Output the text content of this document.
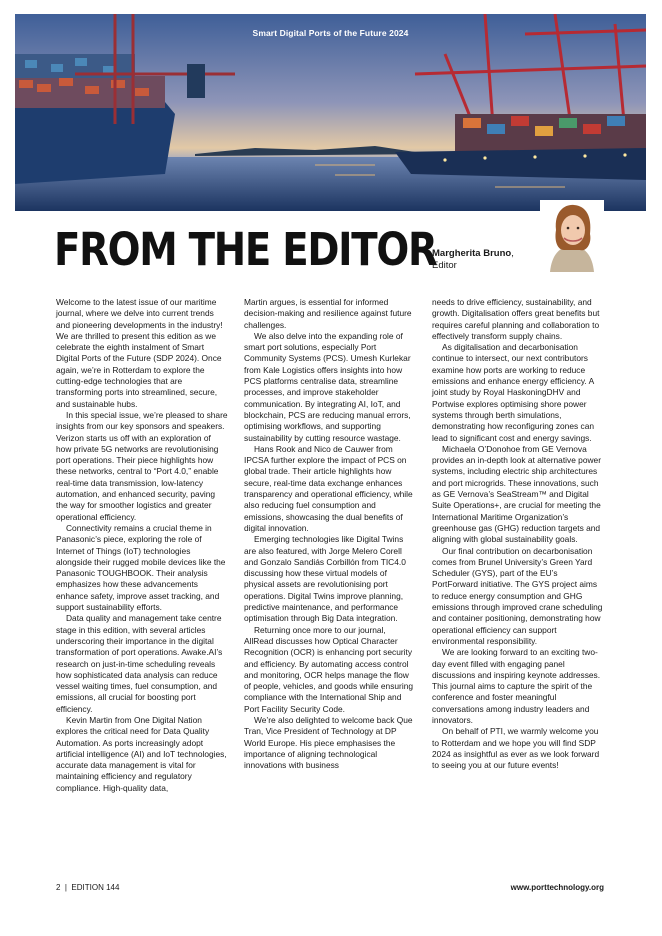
Smart Digital Ports of the Future 2024
FROM THE EDITOR
Margherita Bruno,
Editor

Welcome to the latest issue of our maritime journal, where we delve into current trends and pioneering developments in the industry! We are thrilled to present this edition as we celebrate the eighth instalment of Smart Digital Ports of the Future (SDP 2024). Once again, we’re in Rotterdam to explore the cutting-edge technologies that are transforming ports into streamlined, secure, and sustainable hubs.

In this special issue, we’re pleased to share insights from our key sponsors and speakers. Verizon starts us off with an exploration of how private 5G networks are revolutionising port operations. Their piece highlights how these networks, central to “Port 4.0,” enable real-time data transmission, low-latency automation, and enhanced security, paving the way for smoother logistics and greater operational efficiency.

Connectivity remains a crucial theme in Panasonic’s piece, exploring the role of Internet of Things (IoT) technologies alongside their rugged mobile devices like the Panasonic TOUGHBOOK. Their analysis emphasizes how these advancements enhance safety, improve asset tracking, and support sustainability efforts.

Data quality and management take centre stage in this edition, with several articles underscoring their importance in the digital transformation of port operations. Awake.AI’s research on just-in-time scheduling reveals how sophisticated data analysis can reduce vessel waiting times, fuel consumption, and emissions, all crucial for boosting port efficiency.

Kevin Martin from One Digital Nation explores the critical need for Data Quality Automation. As ports increasingly adopt artificial intelligence (AI) and IoT technologies, accurate data management is vital for maintaining efficiency and regulatory compliance. High-quality data,

Martin argues, is essential for informed decision-making and resilience against future challenges.

We also delve into the expanding role of smart port solutions, especially Port Community Systems (PCS). Umesh Kurlekar from Kale Logistics offers insights into how PCS platforms centralise data, streamline processes, and improve stakeholder communication. By integrating AI, IoT, and blockchain, PCS are reducing manual errors, optimising workflows, and supporting sustainability by cutting resource wastage.

Hans Rook and Nico de Cauwer from IPCSA further explore the impact of PCS on global trade. Their article highlights how secure, real-time data exchange enhances transparency and operational efficiency, while also reducing fuel consumption and emissions, showcasing the dual benefits of digital innovation.

Emerging technologies like Digital Twins are also featured, with Jorge Melero Corell and Gonzalo Sandiás Corbillón from TIC4.0 discussing how these virtual models of physical assets are revolutionising port operations. Digital Twins improve planning, predictive maintenance, and performance optimisation through Big Data integration.

Returning once more to our journal, AllRead discusses how Optical Character Recognition (OCR) is enhancing port security and efficiency. By automating access control and monitoring, OCR helps manage the flow of people, vehicles, and goods while ensuring compliance with the International Ship and Port Facility Security Code.

We’re also delighted to welcome back Que Tran, Vice President of Technology at DP World Europe. His piece emphasises the importance of aligning technological innovations with business

needs to drive efficiency, sustainability, and growth. Digitalisation offers great benefits but requires careful planning and collaboration to effectively transform supply chains.

As digitalisation and decarbonisation continue to intersect, our next contributors examine how ports are working to reduce emissions and enhance energy efficiency. A joint study by Royal HaskoningDHV and Portwise explores optimising shore power systems through berth simulations, demonstrating how reconfiguring zones can lead to significant cost and energy savings.

Michaela O’Donohoe from GE Vernova provides an in-depth look at alternative power systems, including electric ship architectures and port microgrids. These innovations, such as GE Vernova’s SeaStream™ and Digital Suite Operations+, are crucial for meeting the International Maritime Organization’s greenhouse gas (GHG) reduction targets and aligning with global sustainability goals.

Our final contribution on decarbonisation comes from Brunel University’s Green Yard Scheduler (GYS), part of the EU’s PortForward initiative. The GYS project aims to reduce energy consumption and GHG emissions through improved crane scheduling and container positioning, demonstrating how operational efficiency can support environmental responsibility.

We are looking forward to an exciting two-day event filled with engaging panel discussions and inspiring keynote addresses. This journal aims to capture the spirit of the conference and foster meaningful conversations among industry leaders and innovators.

On behalf of PTI, we warmly welcome you to Rotterdam and we hope you will find SDP 2024 as insightful as ever as we look forward to seeing you at our future events!

2  |  EDITION 144	www.porttechnology.org
